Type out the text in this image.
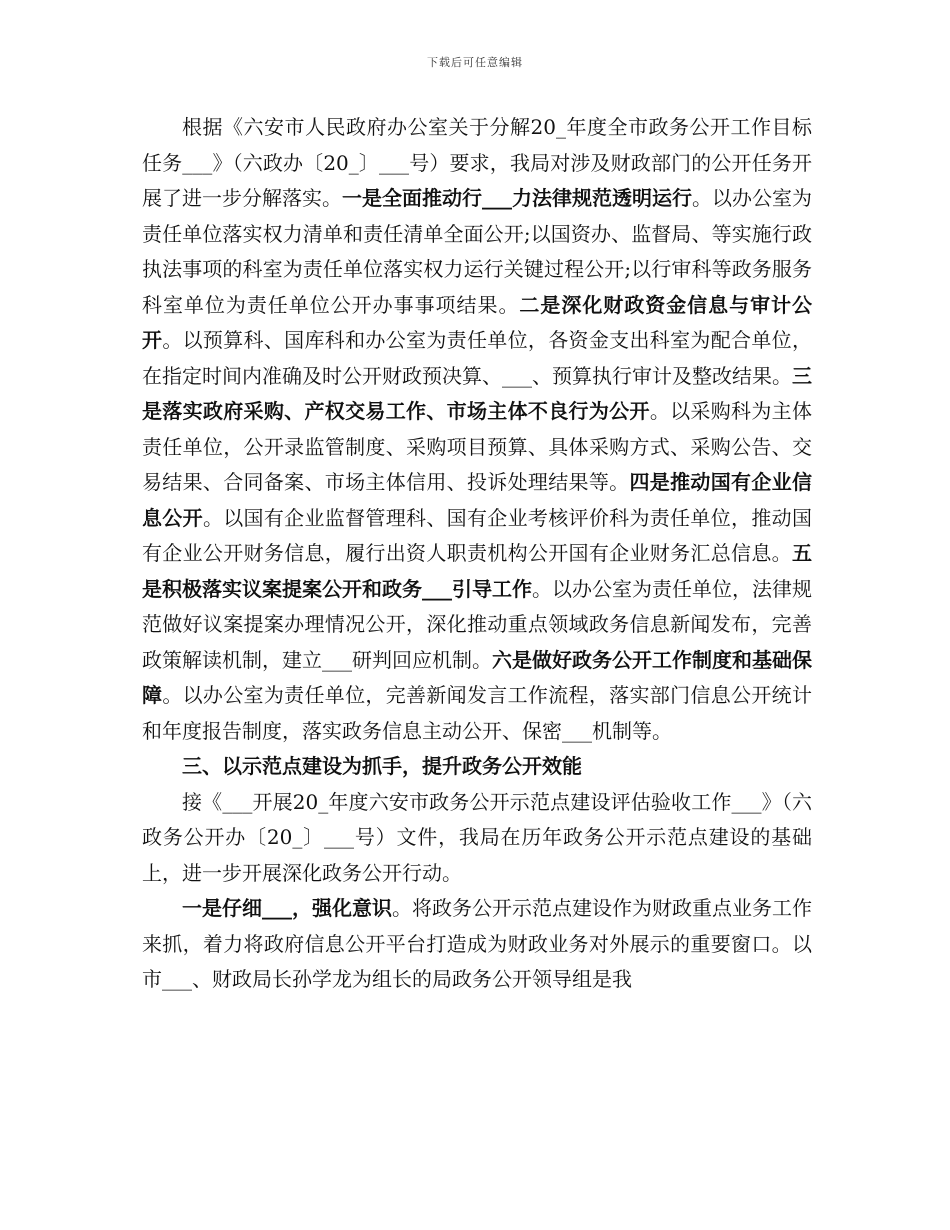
下载后可任意编辑

根据《六安市人民政府办公室关于分解20_年度全市政务公开工作目标任务___》（六政办〔20_〕___号）要求，我局对涉及财政部门的公开任务开展了进一步分解落实。一是全面推动行___力法律规范透明运行。以办公室为责任单位落实权力清单和责任清单全面公开;以国资办、监督局、等实施行政执法事项的科室为责任单位落实权力运行关键过程公开;以行审科等政务服务科室单位为责任单位公开办事事项结果。二是深化财政资金信息与审计公开。以预算科、国库科和办公室为责任单位，各资金支出科室为配合单位，在指定时间内准确及时公开财政预决算、___、预算执行审计及整改结果。三是落实政府采购、产权交易工作、市场主体不良行为公开。以采购科为主体责任单位，公开录监管制度、采购项目预算、具体采购方式、采购公告、交易结果、合同备案、市场主体信用、投诉处理结果等。四是推动国有企业信息公开。以国有企业监督管理科、国有企业考核评价科为责任单位，推动国有企业公开财务信息，履行出资人职责机构公开国有企业财务汇总信息。五是积极落实议案提案公开和政务___引导工作。以办公室为责任单位，法律规范做好议案提案办理情况公开，深化推动重点领域政务信息新闻发布，完善政策解读机制，建立___研判回应机制。六是做好政务公开工作制度和基础保障。以办公室为责任单位，完善新闻发言工作流程，落实部门信息公开统计和年度报告制度，落实政务信息主动公开、保密___机制等。

三、以示范点建设为抓手，提升政务公开效能

接《___开展20_年度六安市政务公开示范点建设评估验收工作___》（六政务公开办〔20_〕___号）文件，我局在历年政务公开示范点建设的基础上，进一步开展深化政务公开行动。

一是仔细___，强化意识。将政务公开示范点建设作为财政重点业务工作来抓，着力将政府信息公开平台打造成为财政业务对外展示的重要窗口。以市___、财政局长孙学龙为组长的局政务公开领导组是我
